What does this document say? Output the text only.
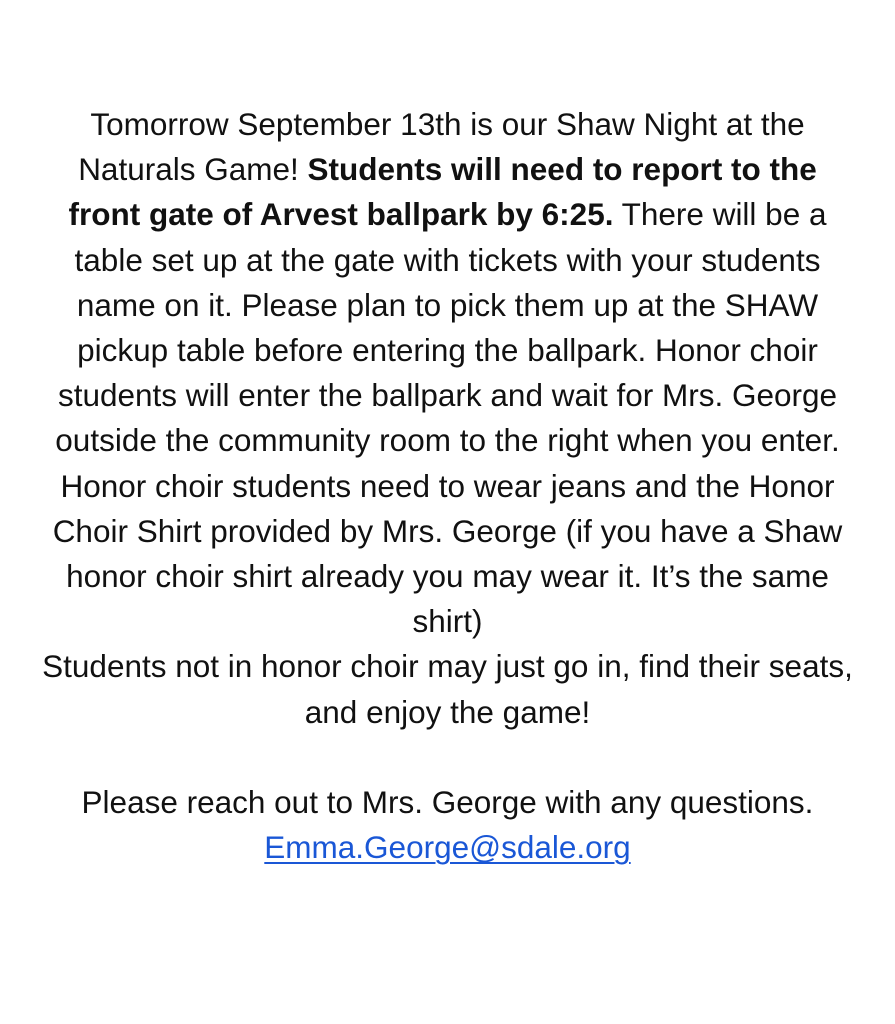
Tomorrow September 13th is our Shaw Night at the Naturals Game! Students will need to report to the front gate of Arvest ballpark by 6:25. There will be a table set up at the gate with tickets with your students name on it. Please plan to pick them up at the SHAW pickup table before entering the ballpark. Honor choir students will enter the ballpark and wait for Mrs. George outside the community room to the right when you enter. Honor choir students need to wear jeans and the Honor Choir Shirt provided by Mrs. George (if you have a Shaw honor choir shirt already you may wear it. It’s the same shirt)

Students not in honor choir may just go in, find their seats, and enjoy the game!

Please reach out to Mrs. George with any questions. Emma.George@sdale.org
